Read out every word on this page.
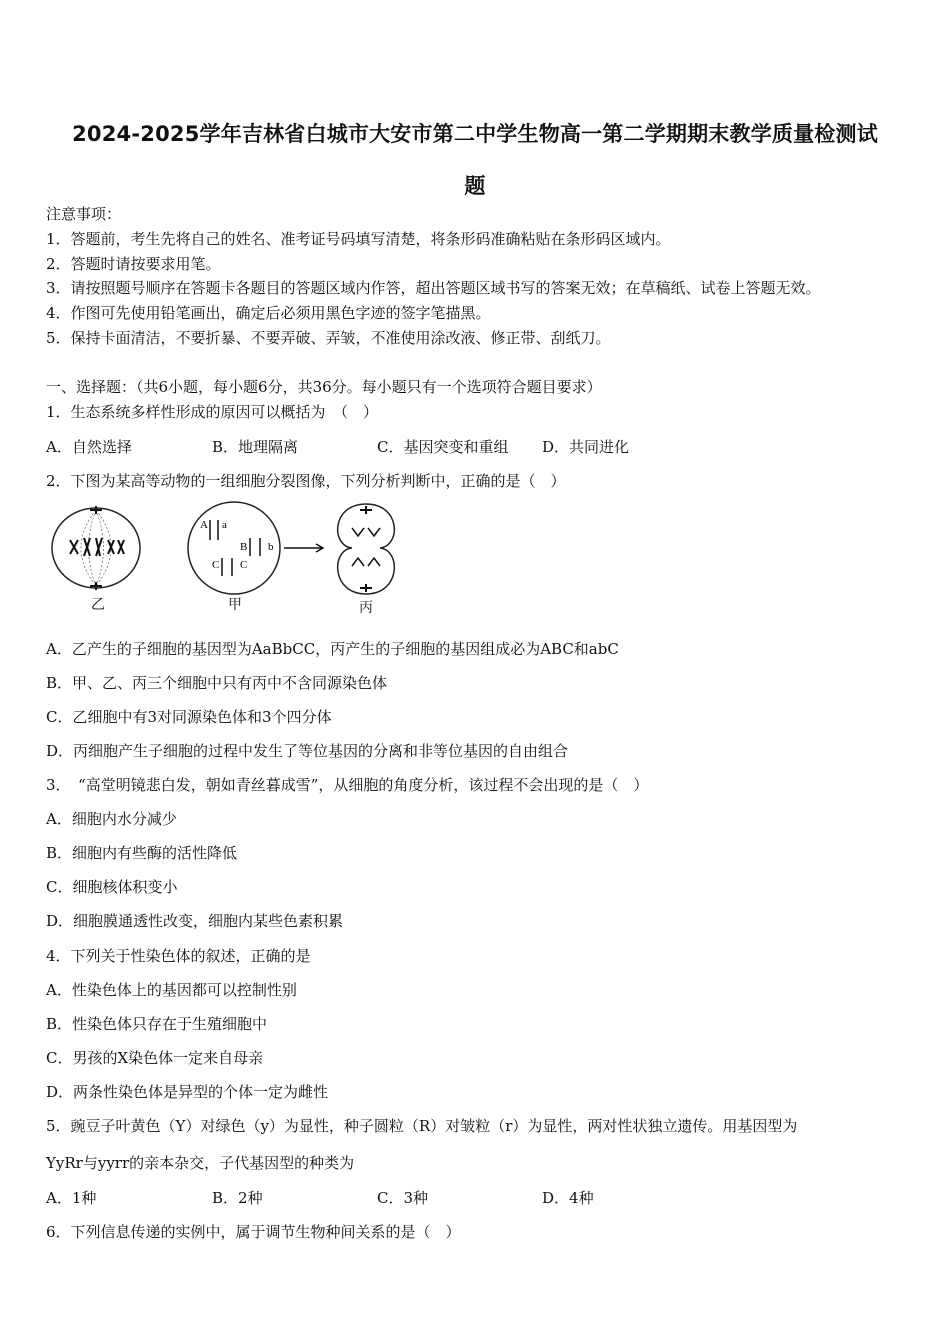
2024-2025学年吉林省白城市大安市第二中学生物高一第二学期期末教学质量检测试
题
注意事项：
1．答题前，考生先将自己的姓名、准考证号码填写清楚，将条形码准确粘贴在条形码区域内。
2．答题时请按要求用笔。
3．请按照题号顺序在答题卡各题目的答题区域内作答，超出答题区域书写的答案无效；在草稿纸、试卷上答题无效。
4．作图可先使用铅笔画出，确定后必须用黑色字迹的签字笔描黑。
5．保持卡面清洁，不要折暴、不要弄破、弄皱，不准使用涂改液、修正带、刮纸刀。
一、选择题：（共6小题，每小题6分，共36分。每小题只有一个选项符合题目要求）
1．生态系统多样性形成的原因可以概括为　（　）
A．自然选择	B．地理隔离	C．基因突变和重组 D．共同进化
2．下图为某高等动物的一组细胞分裂图像，下列分析判断中，正确的是（　）
A a
B b
C C
乙	甲	丙
A．乙产生的子细胞的基因型为AaBbCC，丙产生的子细胞的基因组成必为ABC和abC
B．甲、乙、丙三个细胞中只有丙中不含同源染色体
C．乙细胞中有3对同源染色体和3个四分体
D．丙细胞产生子细胞的过程中发生了等位基因的分离和非等位基因的自由组合
3．　“高堂明镜悲白发，朝如青丝暮成雪”，从细胞的角度分析，该过程不会出现的是（　）
A．细胞内水分减少
B．细胞内有些酶的活性降低
C．细胞核体积变小
D．细胞膜通透性改变，细胞内某些色素积累
4．下列关于性染色体的叙述，正确的是
A．性染色体上的基因都可以控制性别
B．性染色体只存在于生殖细胞中
C．男孩的X染色体一定来自母亲
D．两条性染色体是异型的个体一定为雌性
5．豌豆子叶黄色（Y）对绿色（y）为显性，种子圆粒（R）对皱粒（r）为显性，两对性状独立遗传。用基因型为
YyRr与yyrr的亲本杂交，子代基因型的种类为
A．1种	B．2种	C．3种	D．4种
6．下列信息传递的实例中，属于调节生物种间关系的是（　）
